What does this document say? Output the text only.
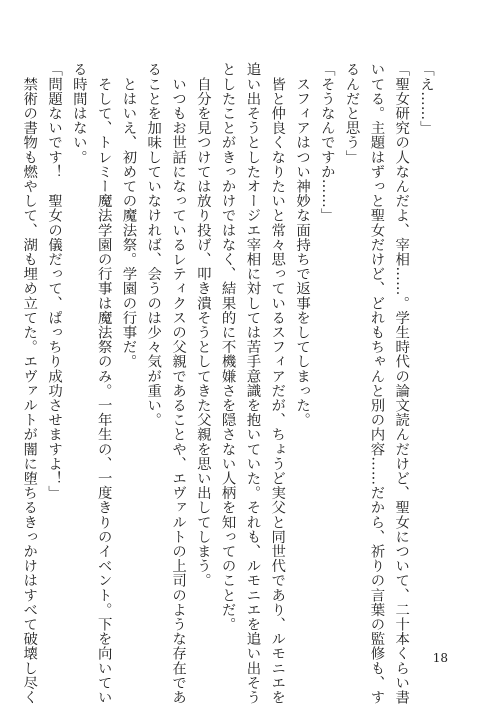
「え……」
「聖女研究の人なんだよ、宰相……。学生時代の論文読んだけど、聖女について、二十本くらい書
いてる。主題はずっと聖女だけど、どれもちゃんと別の内容……だから、祈りの言葉の監修も、す
るんだと思う」
「そうなんですか……」
　スフィアはつい神妙な面持ちで返事をしてしまった。
　皆と仲良くなりたいと常々思っているスフィアだが、ちょうど実父と同世代であり、ルモニエを
追い出そうとしたオージエ宰相に対しては苦手意識を抱いていた。それも、ルモニエを追い出そう
としたことがきっかけではなく、結果的に不機嫌さを隠さない人柄を知ってのことだ。
　自分を見つけては放り投げ、叩き潰そうとしてきた父親を思い出してしまう。
　いつもお世話になっているレティクスの父親であることや、エヴァルトの上司のような存在であ
ることを加味していなければ、会うのは少々気が重い。
　とはいえ、初めての魔法祭。学園の行事だ。
　そして、トレミー魔法学園の行事は魔法祭のみ。一年生の、一度きりのイベント。下を向いてい
る時間はない。
「問題ないです！　聖女の儀だって、ぱっちり成功させますよ！」
　禁術の書物も燃やして、湖も埋め立てた。エヴァルトが闇に堕ちるきっかけはすべて破壊し尽く	18
